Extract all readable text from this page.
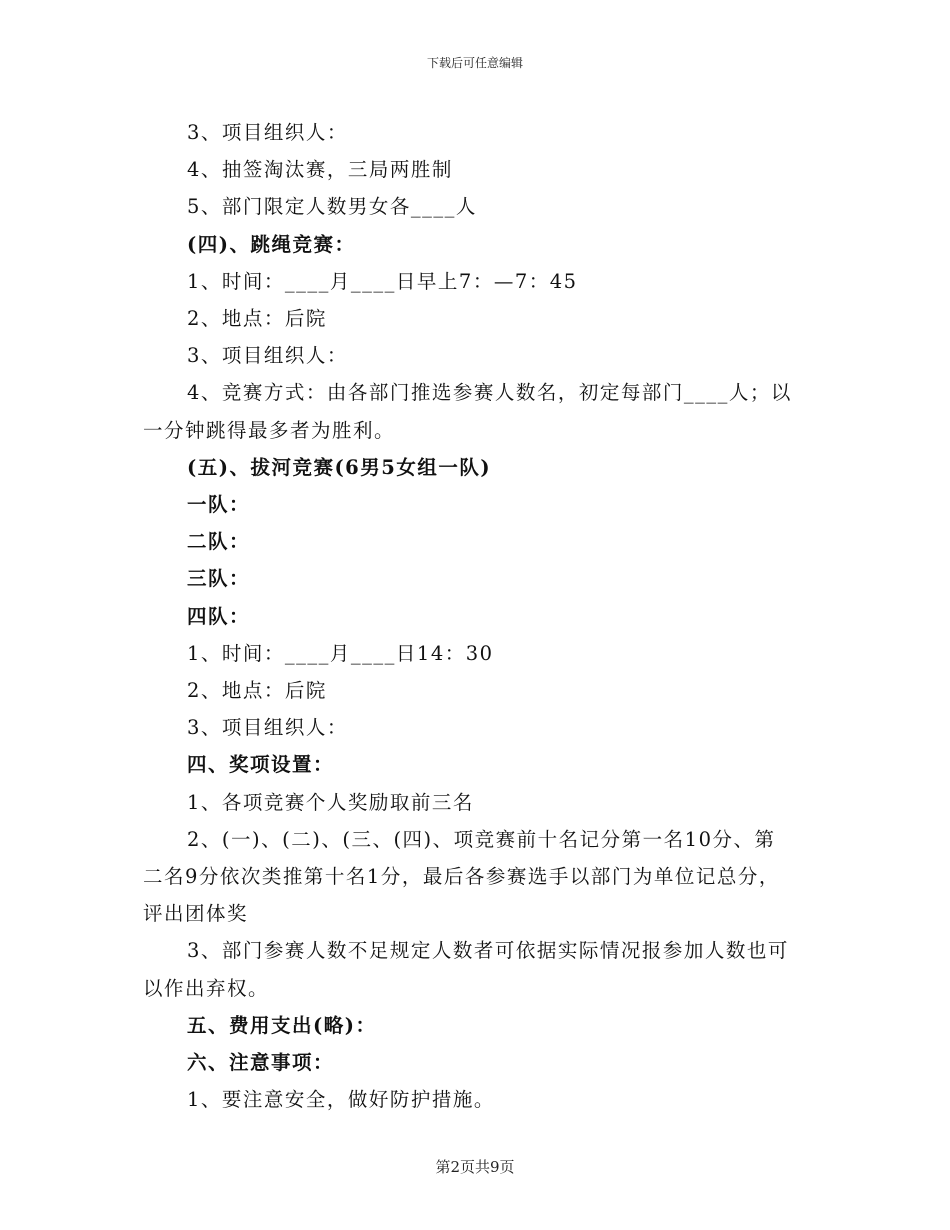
下载后可任意编辑
3、项目组织人：
4、抽签淘汰赛，三局两胜制
5、部门限定人数男女各____人
(四)、跳绳竞赛：
1、时间：____月____日早上7：—7：45
2、地点：后院
3、项目组织人：
4、竞赛方式：由各部门推选参赛人数名，初定每部门____人；以
一分钟跳得最多者为胜利。
(五)、拔河竞赛(6男5女组一队)
一队：
二队：
三队：
四队：
1、时间：____月____日14：30
2、地点：后院
3、项目组织人：
四、奖项设置：
1、各项竞赛个人奖励取前三名
2、(一)、(二)、(三、(四)、项竞赛前十名记分第一名10分、第
二名9分依次类推第十名1分，最后各参赛选手以部门为单位记总分，
评出团体奖
3、部门参赛人数不足规定人数者可依据实际情况报参加人数也可
以作出弃权。
五、费用支出(略)：
六、注意事项：
1、要注意安全，做好防护措施。
第2页共9页
